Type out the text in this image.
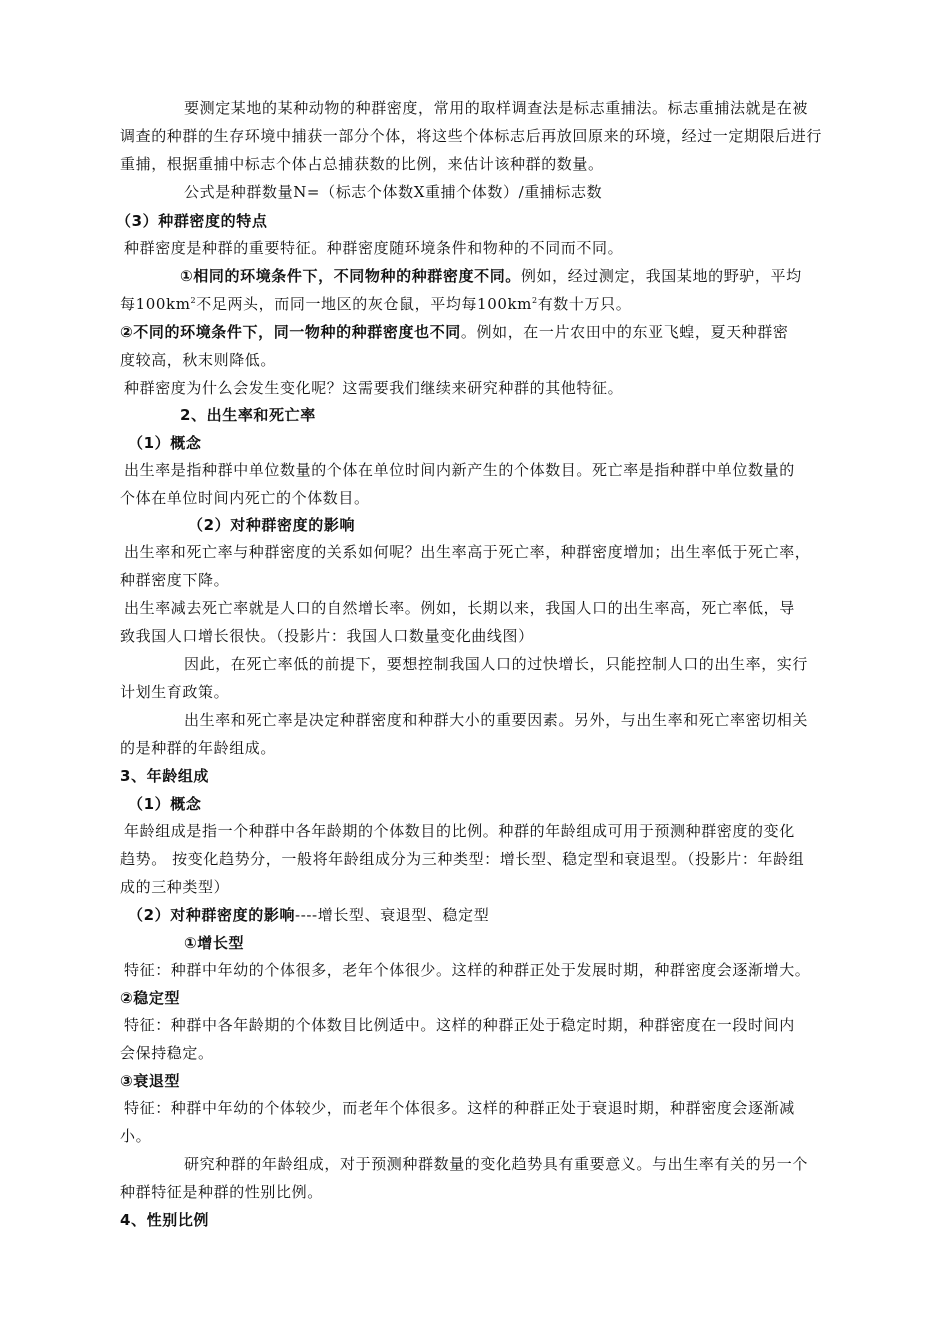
要测定某地的某种动物的种群密度，常用的取样调查法是标志重捕法。标志重捕法就是在被
调查的种群的生存环境中捕获一部分个体，将这些个体标志后再放回原来的环境，经过一定期限后进行
重捕，根据重捕中标志个体占总捕获数的比例，来估计该种群的数量。
公式是种群数量N=（标志个体数X重捕个体数）/重捕标志数
（3）种群密度的特点
种群密度是种群的重要特征。种群密度随环境条件和物种的不同而不同。
①相同的环境条件下，不同物种的种群密度不同。例如，经过测定，我国某地的野驴，平均
每$100km^2$不足两头，而同一地区的灰仓鼠，平均每$100km^2$有数十万只。
②不同的环境条件下，同一物种的种群密度也不同。例如，在一片农田中的东亚飞蝗，夏天种群密
度较高，秋末则降低。
种群密度为什么会发生变化呢？这需要我们继续来研究种群的其他特征。
2、出生率和死亡率
（1）概念
出生率是指种群中单位数量的个体在单位时间内新产生的个体数目。死亡率是指种群中单位数量的
个体在单位时间内死亡的个体数目。
（2）对种群密度的影响
出生率和死亡率与种群密度的关系如何呢？出生率高于死亡率，种群密度增加；出生率低于死亡率，
种群密度下降。
出生率减去死亡率就是人口的自然增长率。例如，长期以来，我国人口的出生率高，死亡率低，导
致我国人口增长很快。（投影片：我国人口数量变化曲线图）
因此，在死亡率低的前提下，要想控制我国人口的过快增长，只能控制人口的出生率，实行
计划生育政策。
出生率和死亡率是决定种群密度和种群大小的重要因素。另外，与出生率和死亡率密切相关
的是种群的年龄组成。
3、年龄组成
（1）概念
年龄组成是指一个种群中各年龄期的个体数目的比例。种群的年龄组成可用于预测种群密度的变化
趋势。 按变化趋势分，一般将年龄组成分为三种类型：增长型、稳定型和衰退型。（投影片：年龄组
成的三种类型）
（2）对种群密度的影响----增长型、衰退型、稳定型
①增长型
特征：种群中年幼的个体很多，老年个体很少。这样的种群正处于发展时期，种群密度会逐渐增大。
②稳定型
特征：种群中各年龄期的个体数目比例适中。这样的种群正处于稳定时期，种群密度在一段时间内
会保持稳定。
③衰退型
特征：种群中年幼的个体较少，而老年个体很多。这样的种群正处于衰退时期，种群密度会逐渐减
小。
研究种群的年龄组成，对于预测种群数量的变化趋势具有重要意义。与出生率有关的另一个
种群特征是种群的性别比例。
4、性别比例
